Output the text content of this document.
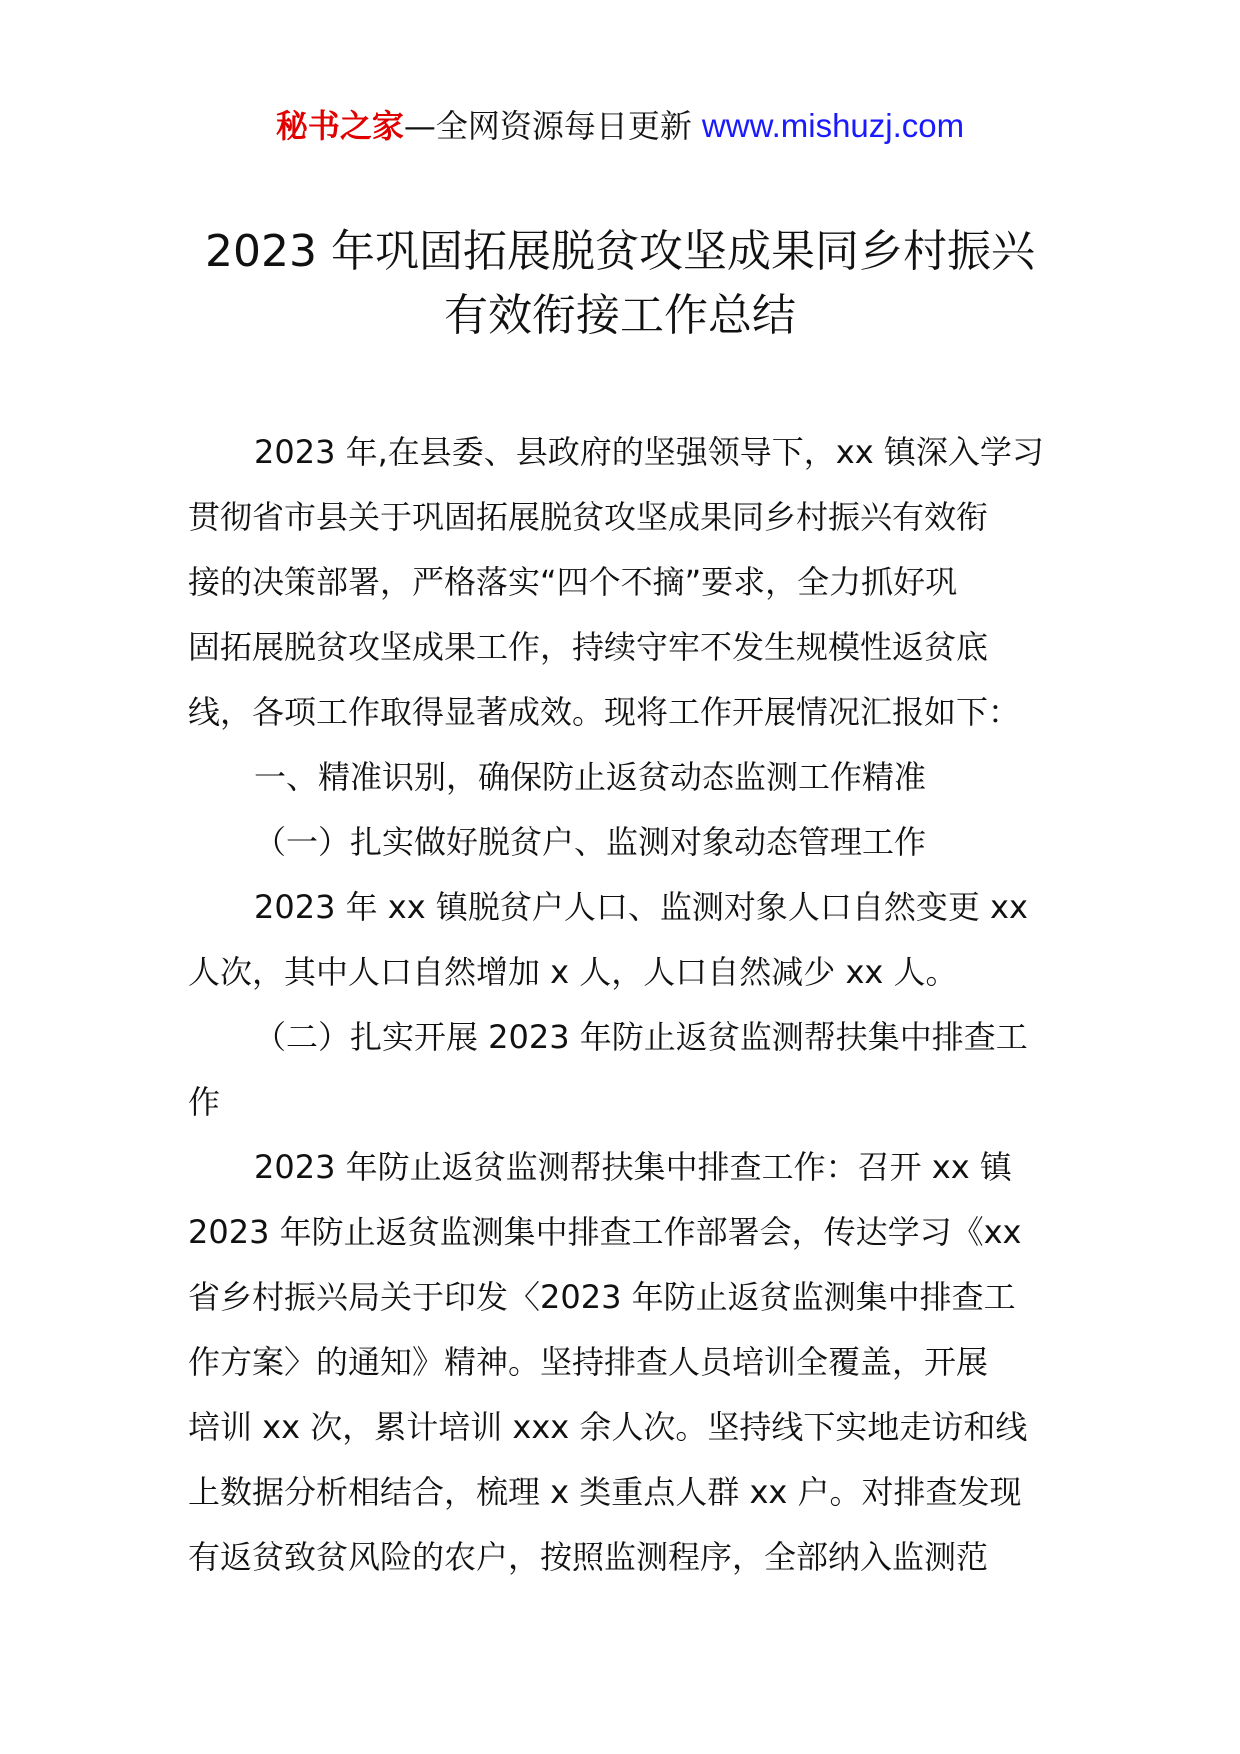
秘书之家—全网资源每日更新 www.mishuzj.com
2023 年巩固拓展脱贫攻坚成果同乡村振兴
有效衔接工作总结
2023 年,在县委、县政府的坚强领导下，xx 镇深入学习
贯彻省市县关于巩固拓展脱贫攻坚成果同乡村振兴有效衔
接的决策部署，严格落实“四个不摘”要求，全力抓好巩
固拓展脱贫攻坚成果工作，持续守牢不发生规模性返贫底
线，各项工作取得显著成效。现将工作开展情况汇报如下：
一、精准识别，确保防止返贫动态监测工作精准
（一）扎实做好脱贫户、监测对象动态管理工作
2023 年 xx 镇脱贫户人口、监测对象人口自然变更 xx
人次，其中人口自然增加 x 人，人口自然减少 xx 人。
（二）扎实开展 2023 年防止返贫监测帮扶集中排查工
作
2023 年防止返贫监测帮扶集中排查工作：召开 xx 镇
2023 年防止返贫监测集中排查工作部署会，传达学习《xx
省乡村振兴局关于印发〈2023 年防止返贫监测集中排查工
作方案〉的通知》精神。坚持排查人员培训全覆盖，开展
培训 xx 次，累计培训 xxx 余人次。坚持线下实地走访和线
上数据分析相结合，梳理 x 类重点人群 xx 户。对排查发现
有返贫致贫风险的农户，按照监测程序，全部纳入监测范
